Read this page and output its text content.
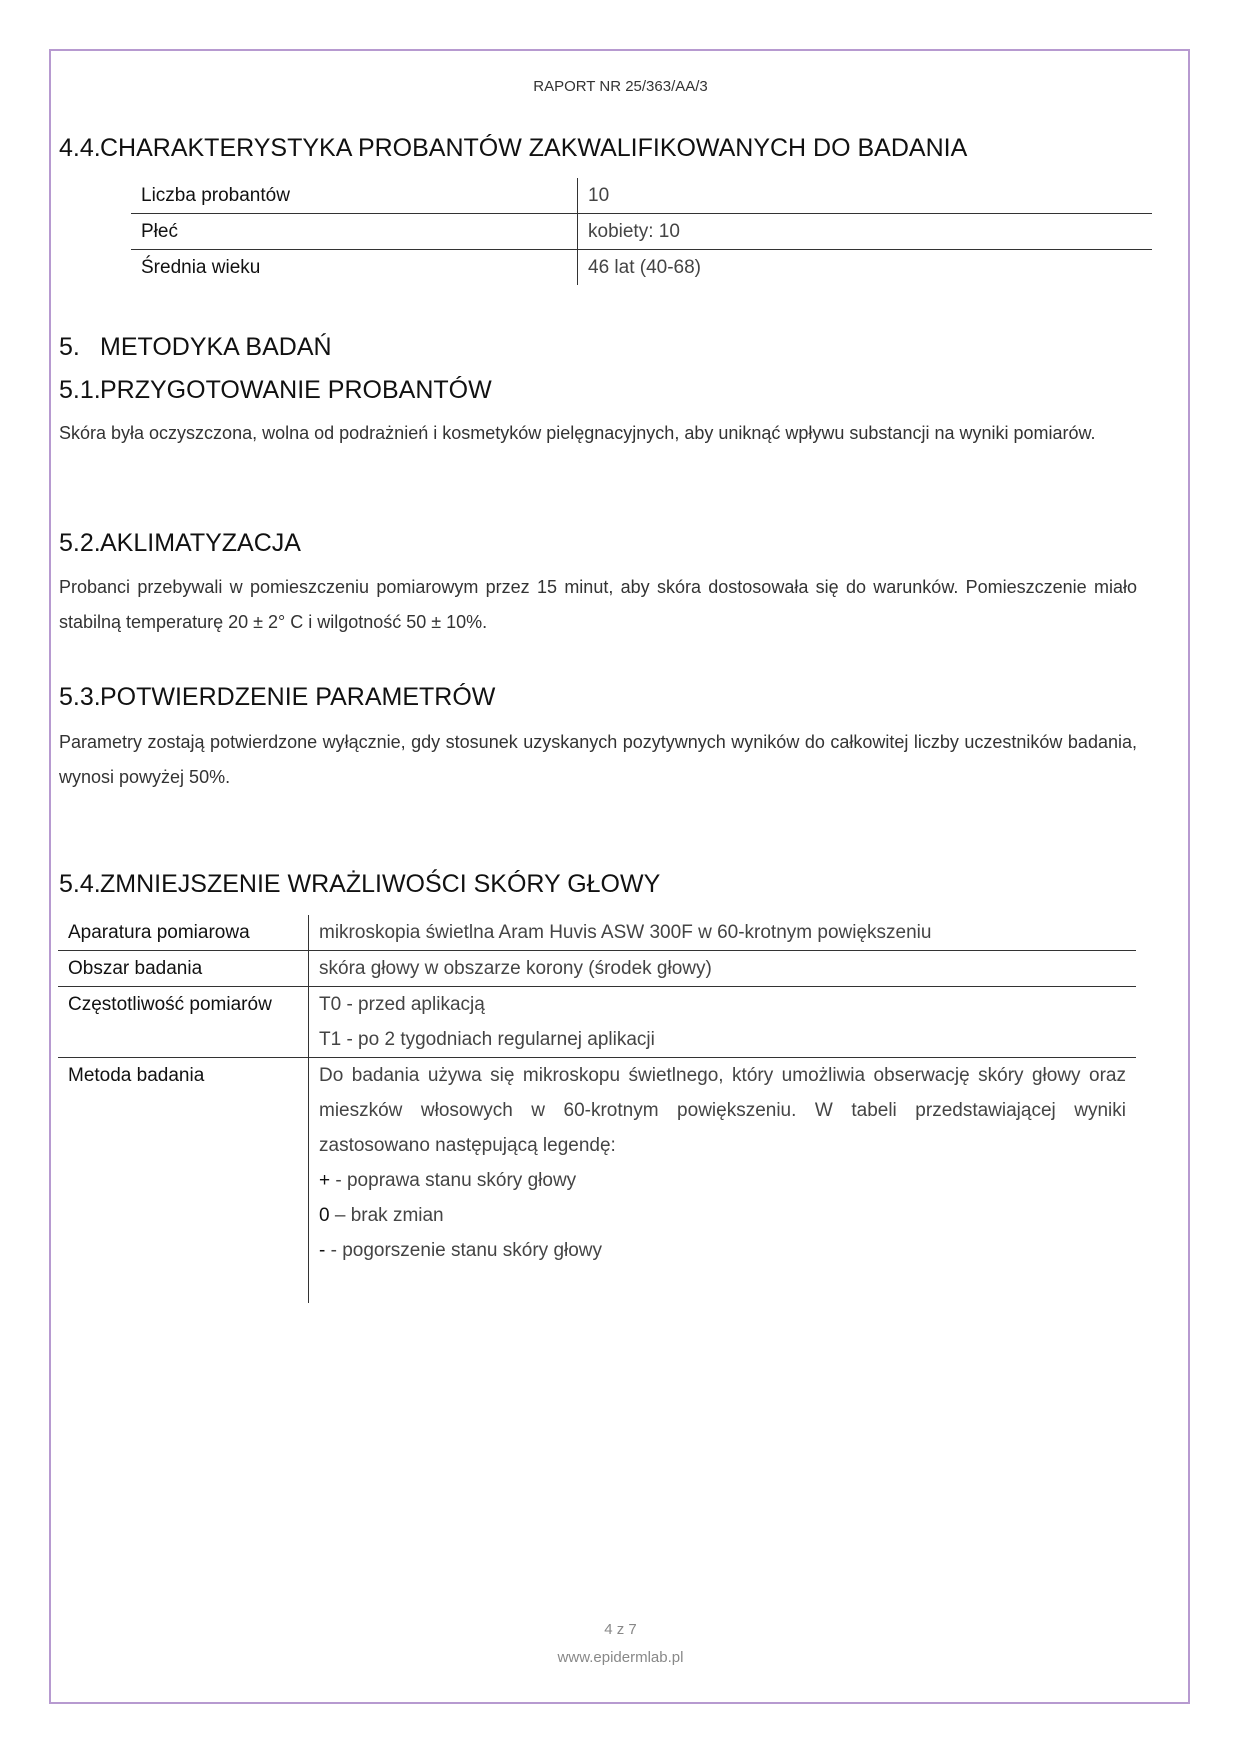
RAPORT NR 25/363/AA/3
4.4.CHARAKTERYSTYKA PROBANTÓW ZAKWALIFIKOWANYCH DO BADANIA
Liczba probantów	10
Płeć	kobiety: 10
Średnia wieku	46 lat (40-68)
5. METODYKA BADAŃ
5.1.PRZYGOTOWANIE PROBANTÓW
Skóra była oczyszczona, wolna od podrażnień i kosmetyków pielęgnacyjnych, aby uniknąć wpływu substancji na wyniki pomiarów.
5.2.AKLIMATYZACJA
Probanci przebywali w pomieszczeniu pomiarowym przez 15 minut, aby skóra dostosowała się do warunków. Pomieszczenie miało stabilną temperaturę 20 ± 2° C i wilgotność 50 ± 10%.
5.3.POTWIERDZENIE PARAMETRÓW
Parametry zostają potwierdzone wyłącznie, gdy stosunek uzyskanych pozytywnych wyników do całkowitej liczby uczestników badania, wynosi powyżej 50%.
5.4.ZMNIEJSZENIE WRAŻLIWOŚCI SKÓRY GŁOWY
Aparatura pomiarowa	mikroskopia świetlna Aram Huvis ASW 300F w 60-krotnym powiększeniu
Obszar badania	skóra głowy w obszarze korony (środek głowy)
Częstotliwość pomiarów	T0 - przed aplikacją
T1 - po 2 tygodniach regularnej aplikacji

Metoda badania	Do badania używa się mikroskopu świetlnego, który umożliwia obserwację skóry głowy oraz mieszków włosowych w 60-krotnym powiększeniu. W tabeli przedstawiającej wyniki zastosowano następującą legendę:
+ - poprawa stanu skóry głowy
0 – brak zmian
- - pogorszenie stanu skóry głowy
4 z 7
www.epidermlab.pl
